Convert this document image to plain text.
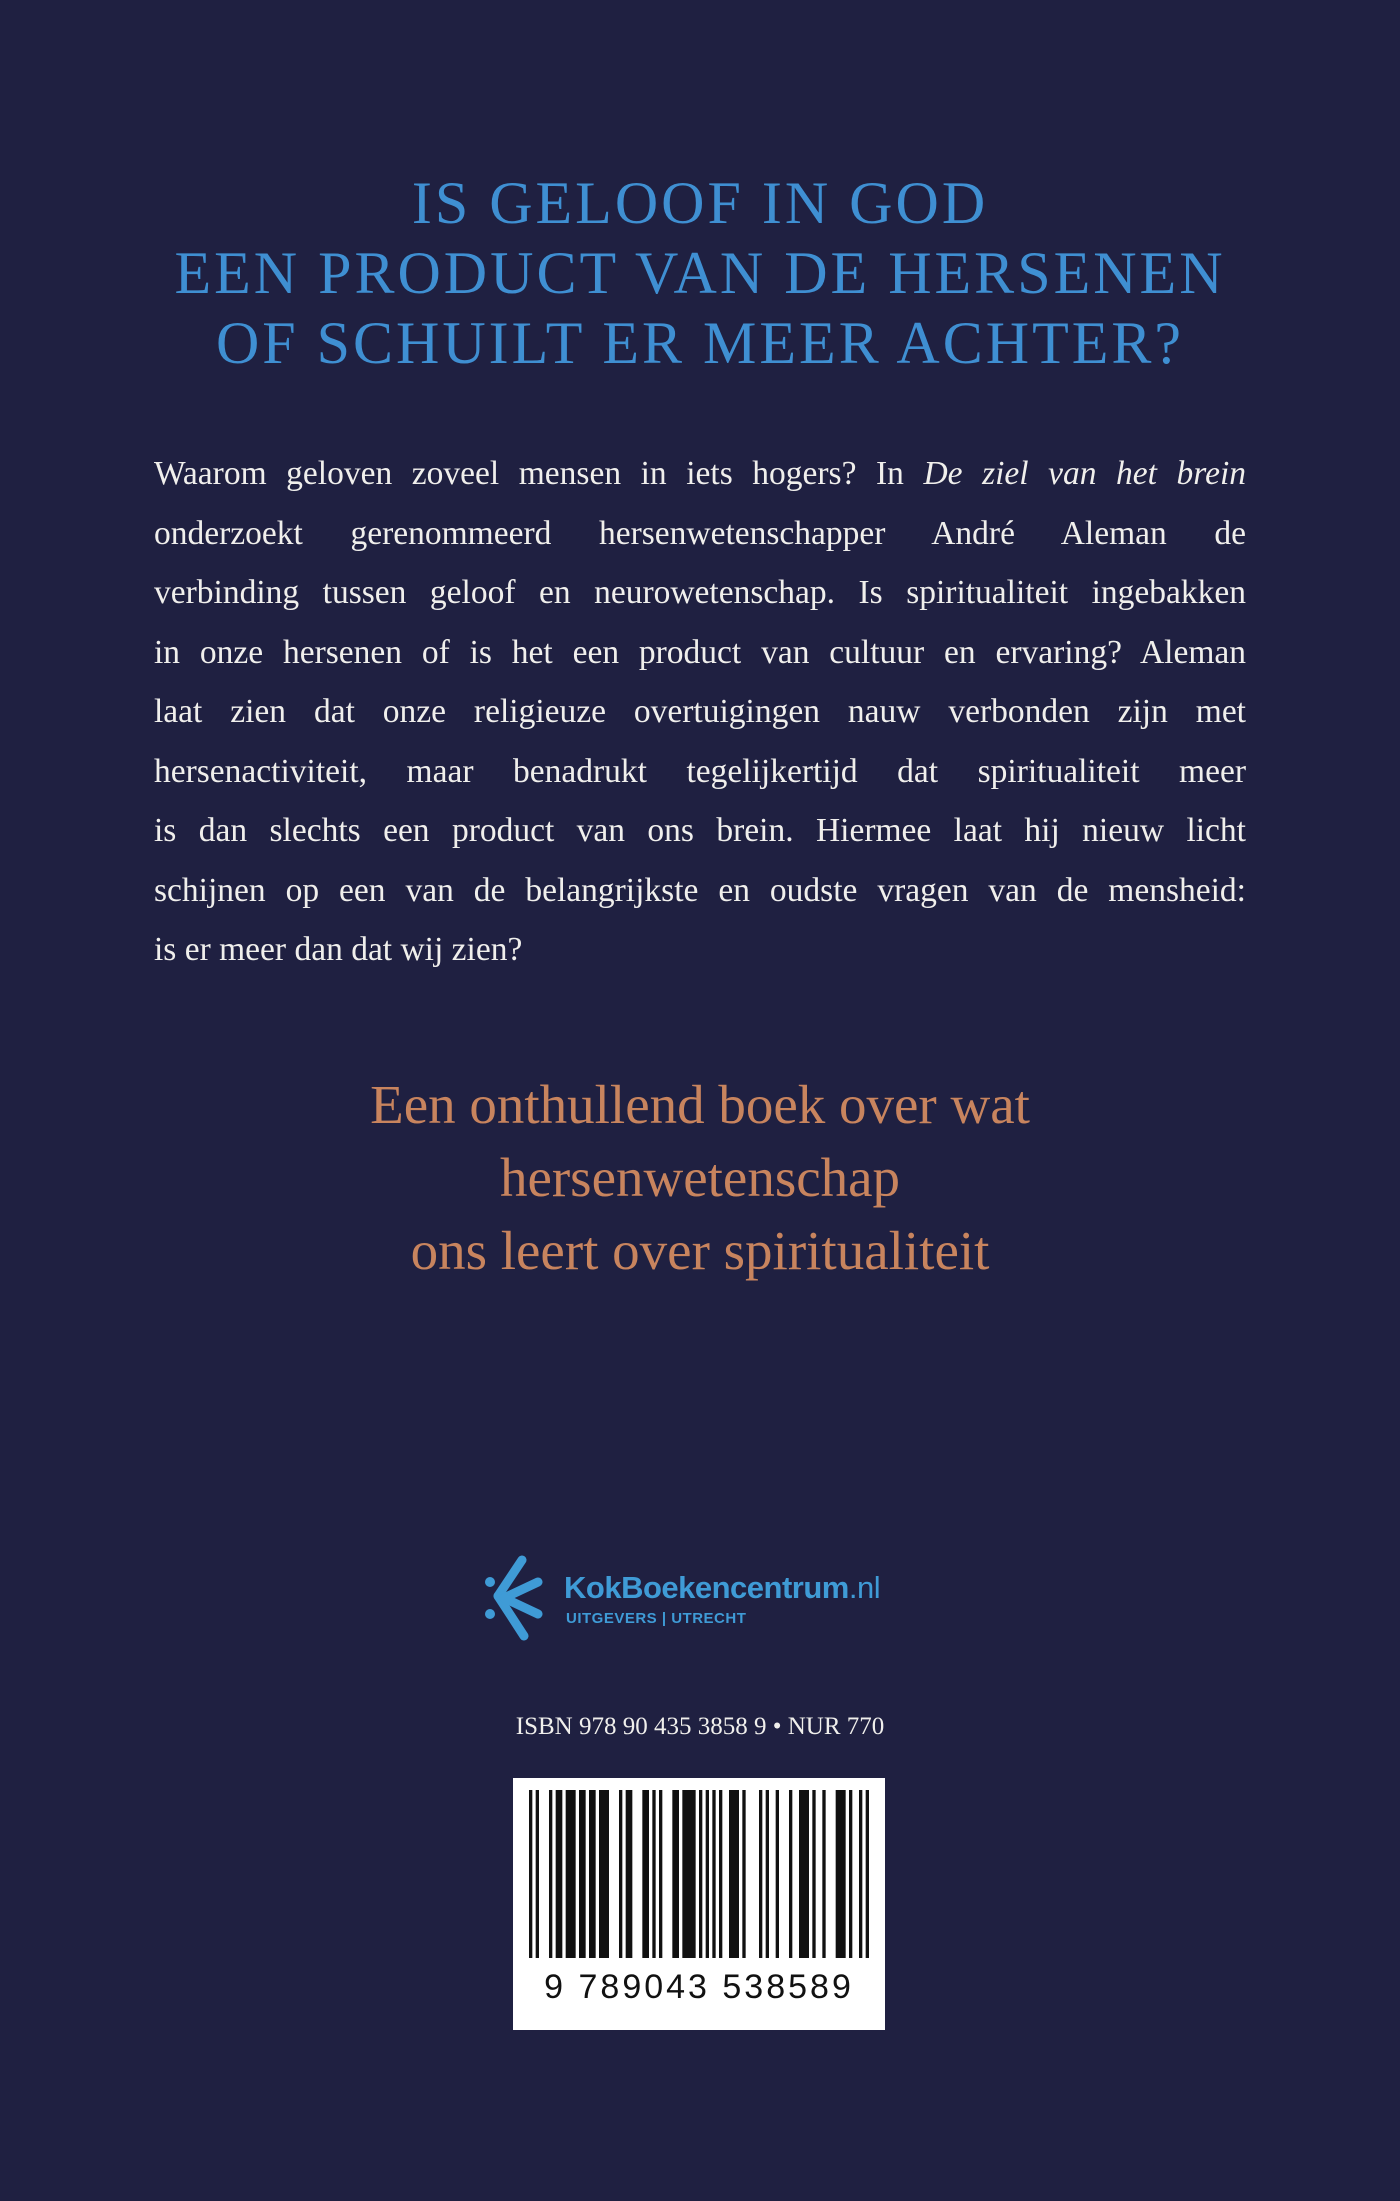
IS GELOOF IN GOD
EEN PRODUCT VAN DE HERSENEN
OF SCHUILT ER MEER ACHTER?
Waarom geloven zoveel mensen in iets hogers? In De ziel van het brein
onderzoekt gerenommeerd hersenwetenschapper André Aleman de
verbinding tussen geloof en neurowetenschap. Is spiritualiteit ingebakken
in onze hersenen of is het een product van cultuur en ervaring? Aleman
laat zien dat onze religieuze overtuigingen nauw verbonden zijn met
hersenactiviteit, maar benadrukt tegelijkertijd dat spiritualiteit meer
is dan slechts een product van ons brein. Hiermee laat hij nieuw licht
schijnen op een van de belangrijkste en oudste vragen van de mensheid:
is er meer dan dat wij zien?
Een onthullend boek over wat
hersenwetenschap
ons leert over spiritualiteit
KokBoekencentrum.nl
UITGEVERS | UTRECHT
ISBN 978 90 435 3858 9 • NUR 770
9 789043 538589
